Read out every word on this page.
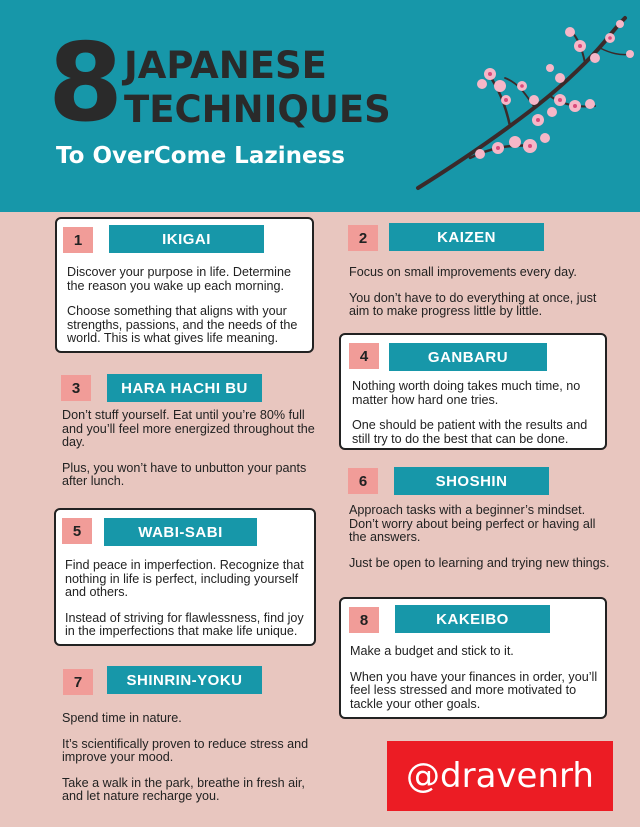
8 JAPANESE
TECHNIQUES
To OverCome Laziness
1	IKIGAI

Discover your purpose in life. Determine the reason you wake up each morning.

Choose something that aligns with your strengths, passions, and the needs of the world. This is what gives life meaning.

2	KAIZEN

Focus on small improvements every day.

You don’t have to do everything at once, just aim to make progress little by little.

4	GANBARU

Nothing worth doing takes much time, no matter how hard one tries.

One should be patient with the results and still try to do the best that can be done.

3	HARA HACHI BU

Don’t stuff yourself. Eat until you’re 80% full and you’ll feel more energized throughout the day.

Plus, you won’t have to unbutton your pants after lunch.	6	SHOSHIN

Approach tasks with a beginner’s mindset. Don’t worry about being perfect or having all the answers.

Just be open to learning and trying new things.

5	WABI-SABI

Find peace in imperfection. Recognize that nothing in life is perfect, including yourself and others.

Instead of striving for flawlessness, find joy in the imperfections that make life unique.

8	KAKEIBO

Make a budget and stick to it.

When you have your finances in order, you’ll feel less stressed and more motivated to tackle your other goals.

7	SHINRIN-YOKU

Spend time in nature.

It’s scientifically proven to reduce stress and improve your mood.

Take a walk in the park, breathe in fresh air, and let nature recharge you.	@dravenrh
